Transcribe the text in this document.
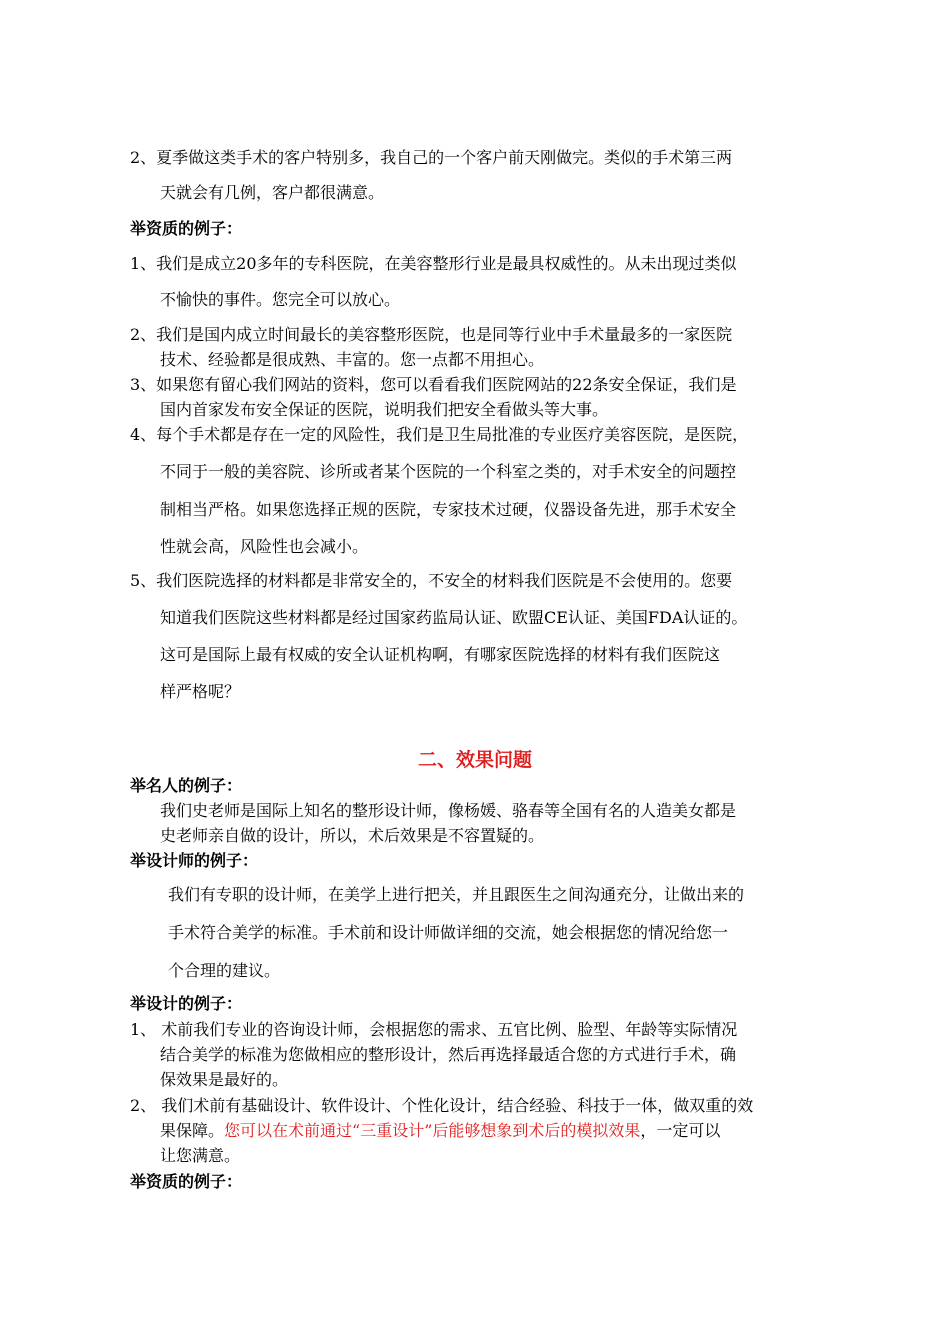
2、夏季做这类手术的客户特别多，我自己的一个客户前天刚做完。类似的手术第三两
天就会有几例，客户都很满意。
举资质的例子：
1、我们是成立20多年的专科医院，在美容整形行业是最具权威性的。从未出现过类似
不愉快的事件。您完全可以放心。
2、我们是国内成立时间最长的美容整形医院，也是同等行业中手术量最多的一家医院
技术、经验都是很成熟、丰富的。您一点都不用担心。
3、如果您有留心我们网站的资料，您可以看看我们医院网站的22条安全保证，我们是
国内首家发布安全保证的医院，说明我们把安全看做头等大事。
4、每个手术都是存在一定的风险性，我们是卫生局批准的专业医疗美容医院，是医院，
不同于一般的美容院、诊所或者某个医院的一个科室之类的，对手术安全的问题控
制相当严格。如果您选择正规的医院，专家技术过硬，仪器设备先进，那手术安全
性就会高，风险性也会减小。
5、我们医院选择的材料都是非常安全的，不安全的材料我们医院是不会使用的。您要
知道我们医院这些材料都是经过国家药监局认证、欧盟CE认证、美国FDA认证的。
这可是国际上最有权威的安全认证机构啊，有哪家医院选择的材料有我们医院这
样严格呢？
二、效果问题
举名人的例子：
我们史老师是国际上知名的整形设计师，像杨媛、骆春等全国有名的人造美女都是
史老师亲自做的设计，所以，术后效果是不容置疑的。
举设计师的例子：
我们有专职的设计师，在美学上进行把关，并且跟医生之间沟通充分，让做出来的
手术符合美学的标准。手术前和设计师做详细的交流，她会根据您的情况给您一
个合理的建议。
举设计的例子：
1、 术前我们专业的咨询设计师，会根据您的需求、五官比例、脸型、年龄等实际情况
结合美学的标准为您做相应的整形设计，然后再选择最适合您的方式进行手术，确
保效果是最好的。
2、 我们术前有基础设计、软件设计、个性化设计，结合经验、科技于一体，做双重的效
果保障。您可以在术前通过“三重设计”后能够想象到术后的模拟效果，一定可以
让您满意。
举资质的例子：
